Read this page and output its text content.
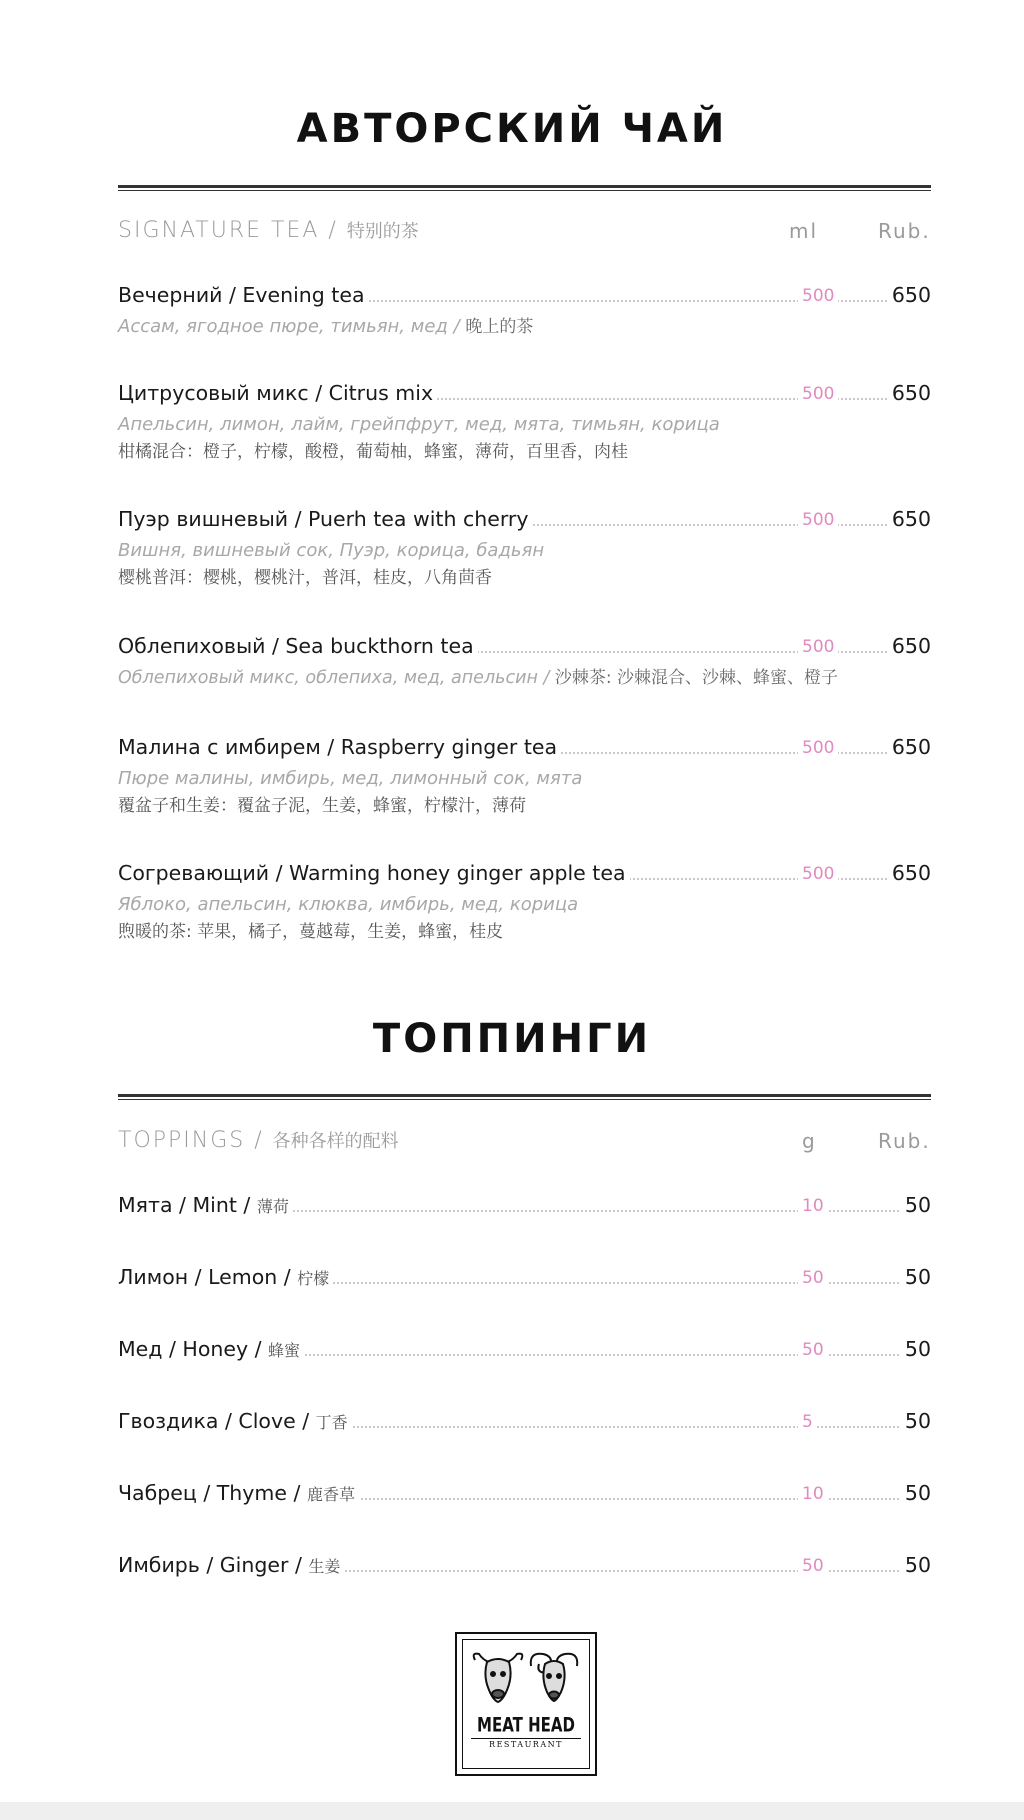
АВТОРСКИЙ ЧАЙ
SIGNATURE TEA / 特别的茶	ml	Rub.
Вечерний / Evening tea	500	650
Ассам, ягодное пюре, тимьян, мед / 晚上的茶
Цитрусовый микс / Citrus mix	500	650
Апельсин, лимон, лайм, грейпфрут, мед, мята, тимьян, корица
柑橘混合：橙子，柠檬，酸橙，葡萄柚，蜂蜜，薄荷，百里香，肉桂
Пуэр вишневый / Puerh tea with cherry	500	650
Вишня, вишневый сок, Пуэр, корица, бадьян
樱桃普洱：樱桃，樱桃汁，普洱，桂皮，八角茴香
Облепиховый / Sea buckthorn tea	500	650
Облепиховый микс, облепиха, мед, апельсин / 沙棘茶: 沙棘混合、沙棘、蜂蜜、橙子
Малина с имбирем / Raspberry ginger tea	500	650
Пюре малины, имбирь, мед, лимонный сок, мята
覆盆子和生姜：覆盆子泥，生姜，蜂蜜，柠檬汁，薄荷
Согревающий / Warming honey ginger apple tea	500	650
Яблоко, апельсин, клюква, имбирь, мед, корица
煦暖的茶: 苹果，橘子，蔓越莓，生姜，蜂蜜，桂皮
ТОППИНГИ
TOPPINGS / 各种各样的配料	g	Rub.
Мята / Mint / 薄荷	10	50
Лимон / Lemon / 柠檬	50	50
Мед / Honey / 蜂蜜	50	50
Гвоздика / Clove / 丁香	5	50
Чабрец / Thyme / 鹿香草	10	50
Имбирь / Ginger / 生姜	50	50
MEAT HEAD
RESTAURANT
